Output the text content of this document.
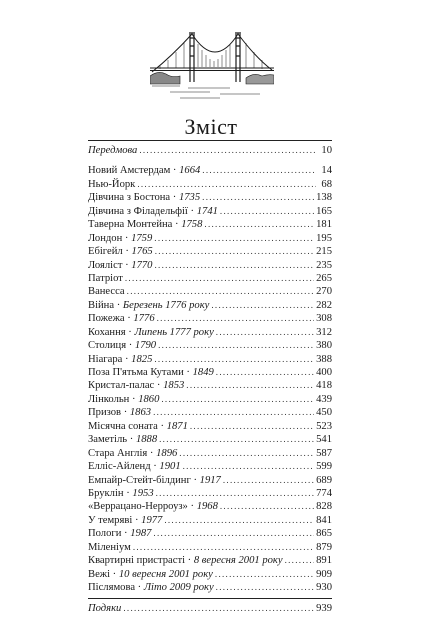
Зміст
Передмова .....	10
Новий Амстердам · 1664 .....	14
Нью-Йорк .....	68
Дівчина з Бостона · 1735 .....	138
Дівчина з Філадельфії · 1741 .....	165
Таверна Монтейна · 1758 .....	181
Лондон · 1759 .....	195
Ебігейл · 1765 .....	215
Лояліст · 1770 .....	235
Патріот .....	265
Ванесса .....	270
Війна · Березень 1776 року .....	282
Пожежа · 1776 .....	308
Кохання · Липень 1777 року .....	312
Столиця · 1790 .....	380
Ніагара · 1825 .....	388
Поза П'ятьма Кутами · 1849 .....	400
Кристал-палас · 1853 .....	418
Лінкольн · 1860 .....	439
Призов · 1863 .....	450
Місячна соната · 1871 .....	523
Заметіль · 1888 .....	541
Стара Англія · 1896 .....	587
Елліс-Айленд · 1901 .....	599
Емпайр-Стейт-білдинг · 1917 .....	689
Бруклін · 1953 .....	774
«Веррацано-Нерроуз» · 1968 .....	828
У темряві · 1977 .....	841
Пологи · 1987 .....	865
Міленіум .....	879
Квартирні пристрасті · 8 вересня 2001 року .....	891
Вежі · 10 вересня 2001 року .....	909
Післямова · Літо 2009 року .....	930
Подяки .....	939
